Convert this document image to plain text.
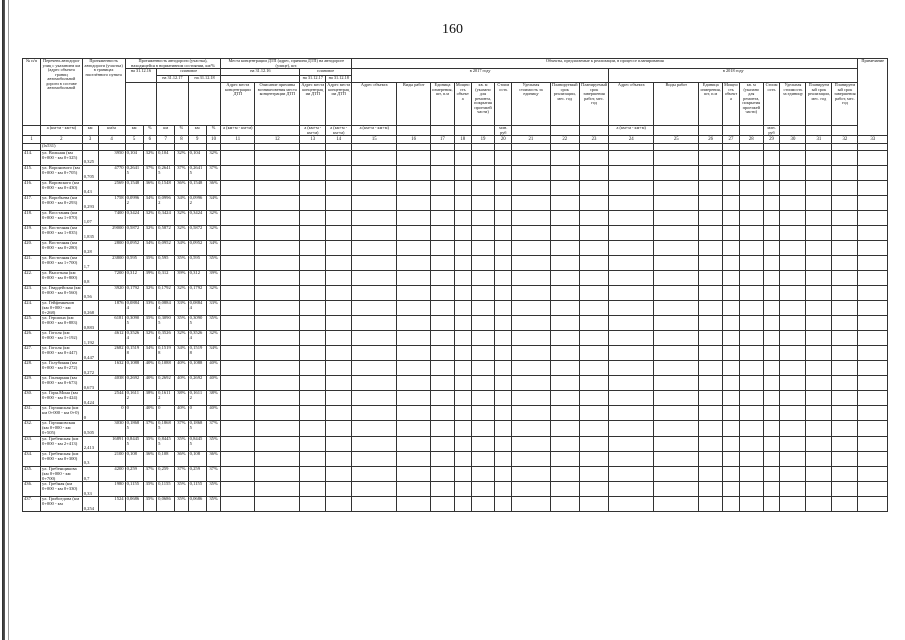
160
№ п/п	Перечень автодорог улиц с указанием км (адрес объекта границ автомобильной дороги в составе автомобильной	Протяженность автодороги (участка) в границах населённого пункта		Протяженность автодороги (участка), находящейся в нормативном состоянии, км/%						Места концентрации ДТП (адрес, причина ДТП) на автодороге (улице), шт.				Объекты, предлагаемые к реализации, в процессе планирования																		Примечание
				на 31.12.16		плановое				на 31.12.16		плановое		в 2017 году									в 2018 году									
						на 31.12.17		на 31.12.18				на 31.12.17	на 31.12.18																			
										Адрес места концентрации ДТП	Описание причины возникновения места концентрации ДТП	Адрес места концентрации ДТП	Адрес места концентрации ДТП	Адрес объекта	Виды работ	Единица измерения, шт, п.м	Мощность объекта	кв. м (указано для ремонта, покрытия проезжей части)	Стоимость	Удельная стоимость за единицу	Планируемый срок реализации, мес. год	Планируемый срок завершения работ, мес. год	Адрес объекта	Виды работ	Единица измерения, шт, п.м	Мощность объекта	кв. м (указано для ремонта, покрытия проезжей части)	Стоимость	Удельная стоимость за единицу	Планируемый срок реализации, мес. год	Планируемый срок завершения работ, мес. год	
	а (км+м - км+м)	км	км/м	км	%	км	%	км	%	а (км+м - км+м)		а (км+м - км+м)	а (км+м - км+м)	а (км+м - км+м)					млн. руб				а (км+м - км+м)					млн. руб				
1	2	3	4	5	6	7	8	9	10	11	12	13	14	15	16	17	18	19	20	21	22	23	24	25	26	27	28	29	30	31	32	33
	(lx531)																															
414.	ул. Вольная (км 0+000 - км 0+325)	0,325	3950	0,104	32%	0,104	32%	0,104	32%																							
415.	ул. Воронового (км 0+000 - км 0+705)	0,705	4770	0,2641 5	37%	0,2641 5	37%	0,2641 5	37%																							
416.	ул. Воровского (км 0+000 - км 0+430)	0,43	2569	0,1548	36%	0,1548	36%	0,1548	36%																							
417.	ул. Воробьева (км 0+000 - км 0+293)	0,293	1758	0,0996 2	34%	0,0996 2	34%	0,0996 2	34%																							
418.	ул. Восстания (км 0+000 - км 1+070)	1,07	7400	0,3424	32%	0,3424	32%	0,3424	32%																							
419.	ул. Восточная (км 0+000 - км 1+835)	1,835	29000	0,5872	32%	0,5872	32%	0,5872	32%																							
420.	ул. Восточная (км 0+000 - км 0+280)	0,28	2800	0,0952	34%	0,0952	34%	0,0952	34%																							
421.	ул. Восточная (км 0+000 - км 1+700)	1,7	23800	0,595	35%	0,595	35%	0,595	35%																							
422.	ул. Высотная (км 0+000 - км 0+800)	0,8	7200	0,312	39%	0,312	39%	0,312	39%																							
423.	ул. Гвардейская (км 0+000 - км 0+560)	0,56	3920	0,1792	32%	0,1792	32%	0,1792	32%																							
424.	ул. Гейфенкенов (км 0+000 - км 0+268)	0,268	1876	0,0884 4	33%	0,0884 4	33%	0,0884 4	33%																							
425.	ул. Гершона (км 0+000 - км 0+883)	0,883	6181	0,3090 5	35%	0,3090 5	35%	0,3090 5	35%																							
426.	ул. Гоголя (км 0+000 - км 1+192)	1,192	4612	0,3526 4	32%	0,3526 4	32%	0,3526 4	32%																							
427.	ул. Гоголя (км 0+000 - км 0+447)	0,447	2682	0,1519 8	34%	0,1519 8	34%	0,1519 8	34%																							
428.	ул. Голубиная (км 0+000 - км 0+272)	0,272	1632	0,1088	40%	0,1088	40%	0,1088	40%																							
429.	ул. Гончарная (км 0+000 - км 0+673)	0,673	4038	0,2692	40%	0,2692	40%	0,2692	40%																							
430.	ул. Горн.Мона (км 0+000 - км 0+424)	0,424	2544	0,1611 2	38%	0,1611 2	38%	0,1611 2	38%																							
431.	ул. Горчанская (км км 0+000 - км 0+0)	0	0	0	40%	0	40%	0	40%																							
432.	ул. Горчановская (км 0+000 - км 0+505)	0,505	3030	0,1868 5	37%	0,1868 5	37%	0,1868 5	37%																							
433.	ул. Гребенская (км 0+000 - км 2+413)	2,413	16891	0,8445 5	35%	0,8445 5	35%	0,8445 5	35%																							
434.	ул. Гребенская (км 0+000 - км 0+300)	0,3	2100	0,108	36%	0,108	36%	0,108	36%																							
435.	ул. Гребенщикова (км 0+000 - км 0+700)	0,7	4200	0,259	37%	0,259	37%	0,259	37%																							
436.	ул. Гребная (км 0+000 - км 0+330)	0,33	1980	0,1155	35%	0,1155	35%	0,1155	35%																							
437.	ул. Грибоедова (км 0+000 - км	0,254	1524	0,0686	35%	0,0686	35%	0,0686	35%																							
